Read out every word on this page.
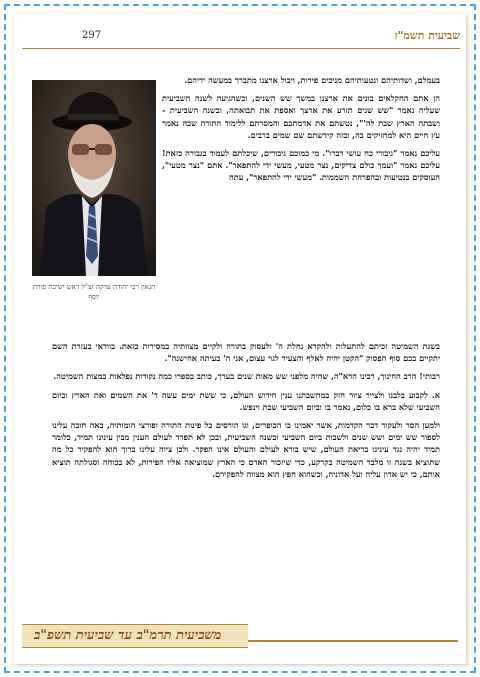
297	שביעית תשמ"ז
הגאון רבי יהודה צדקה זצ"ל ראש ישיבת פורת יוסף

בעמלם, ושדותיהם ונטעותיהם מניבים פירות, ויבול ארצנו מתברך במעשה ידיהם.

הן אתם החקלאים בונים את ארצנו במשך שש השנים, וכשהגיעה לשנה השביעית שעליה נאמר "שש שנים תזרע את ארצך ואספת את תבואתה, ובשנה השביעית - ושבתה הארץ שבת לה'", נטשתם את אדמתכם והמסרתם ללימוד התורה שבה נאמר עץ חיים היא למחזיקים בה, ובזה קידשתם שם שמים ברבים.

עליכם נאמר "גיבורי כח עושי דברו". מי כמוכם גיבורים, שיכלתם לעמוד בגבורה כזאת! עליכם נאמר "ועמך כולם צדיקים, נצר מטעי, מעשי ידי להתפאר". אתם "נצר מטעי", העוסקים בנטיעות ובהפרחת השממות. "מעשי ידי להתפאר", עתה

בשנת השמיטה זכיתם להתעלות ולהקרא נחלת ה' ולעסוק בתורה ולקיים מצוותיה במסירות כזאת. בוודאי בעזרת השם יתקיים בכם סוף הפסוק "הקטן יהיה לאלף והצעיר לגוי עצום, אני ה' בעיתה אחישנה".

רבותי! הרב החינוך, רבינו הרא"ה, שהיה מלפני שש מאות שנים בערך, כותב בספרו כמה נקודות נפלאות במצות השמיטה.

א. לקבוע בלבנו ולצייר ציור חזק במחשבתנו ענין חידוש העולם, כי ששת ימים עשה ד' את השמים ואת הארץ וביום השביעי שלא ברא בו כלום, נאמר בו וביום השביעי שבת וינפש.

ולמען הסר ולעקור דבר הקדמות, אשר יאמינו בו הכופרים, וגו הורסים כל פינות התורה ופורצי חומותיה, באה חובה עלינו לספור שש ימים ושש שנים ולשבות ביום השביעי ובשנה השביעית, ובכן לא תפרד לעולם הענין מבין עינינו תמיד, כלומר תמיד יהיה נגד עינינו בריאת העולם, שיש בורא לעולם והעולם אינו הפקר. ולכן ציוה עלינו ברוך הוא להפקיר כל מה שתוציא בשנה זו מלבד השמיטה בקרקע, כדי שיזכור האדם כי הארץ שמוציאה אליו הפירות, לא בכוחה וסגולתה תוציא אותם, כי יש אדון עליה ועל אדוניה, וכשהוא חפץ הוא מצווה להפקירם.

משביעית תרמ"ב עד שביעית תשפ"ב
